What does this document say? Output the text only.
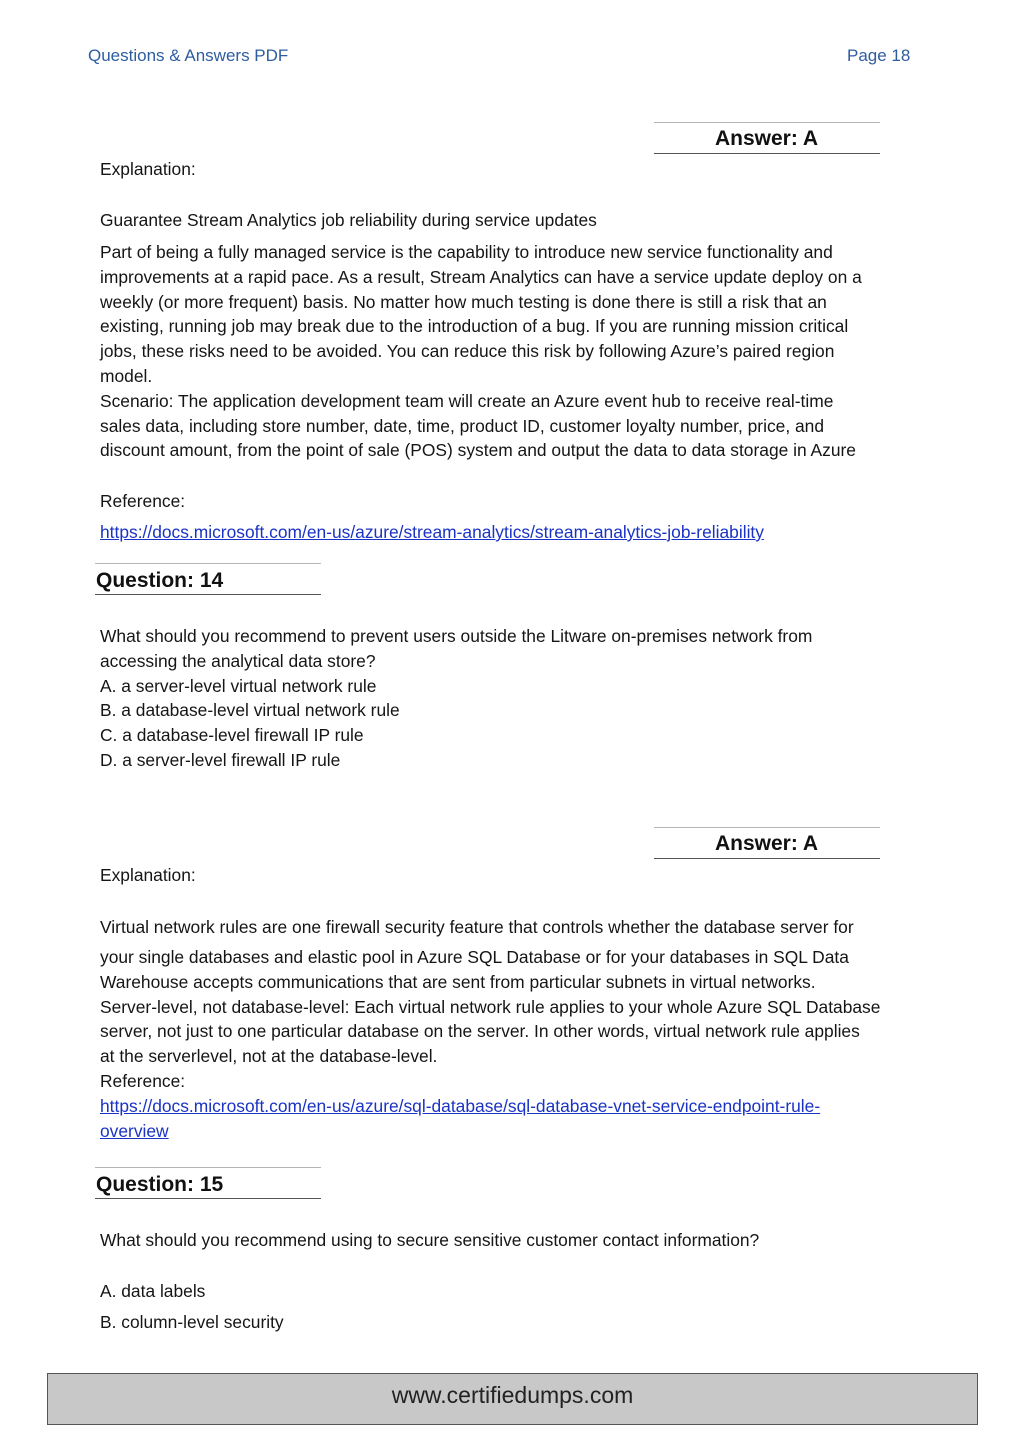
Questions & Answers PDF	Page 18
Answer: A
Explanation:
Guarantee Stream Analytics job reliability during service updates
Part of being a fully managed service is the capability to introduce new service functionality and
improvements at a rapid pace. As a result, Stream Analytics can have a service update deploy on a
weekly (or more frequent) basis. No matter how much testing is done there is still a risk that an
existing, running job may break due to the introduction of a bug. If you are running mission critical
jobs, these risks need to be avoided. You can reduce this risk by following Azure’s paired region
model.
Scenario: The application development team will create an Azure event hub to receive real-time
sales data, including store number, date, time, product ID, customer loyalty number, price, and
discount amount, from the point of sale (POS) system and output the data to data storage in Azure
Reference:
https://docs.microsoft.com/en-us/azure/stream-analytics/stream-analytics-job-reliability
Question: 14
What should you recommend to prevent users outside the Litware on-premises network from
accessing the analytical data store?
A. a server-level virtual network rule
B. a database-level virtual network rule
C. a database-level firewall IP rule
D. a server-level firewall IP rule
Answer: A
Explanation:
Virtual network rules are one firewall security feature that controls whether the database server for
your single databases and elastic pool in Azure SQL Database or for your databases in SQL Data
Warehouse accepts communications that are sent from particular subnets in virtual networks.
Server-level, not database-level: Each virtual network rule applies to your whole Azure SQL Database
server, not just to one particular database on the server. In other words, virtual network rule applies
at the serverlevel, not at the database-level.
Reference:
https://docs.microsoft.com/en-us/azure/sql-database/sql-database-vnet-service-endpoint-rule-
overview
Question: 15
What should you recommend using to secure sensitive customer contact information?
A. data labels
B. column-level security
www.certifiedumps.com
